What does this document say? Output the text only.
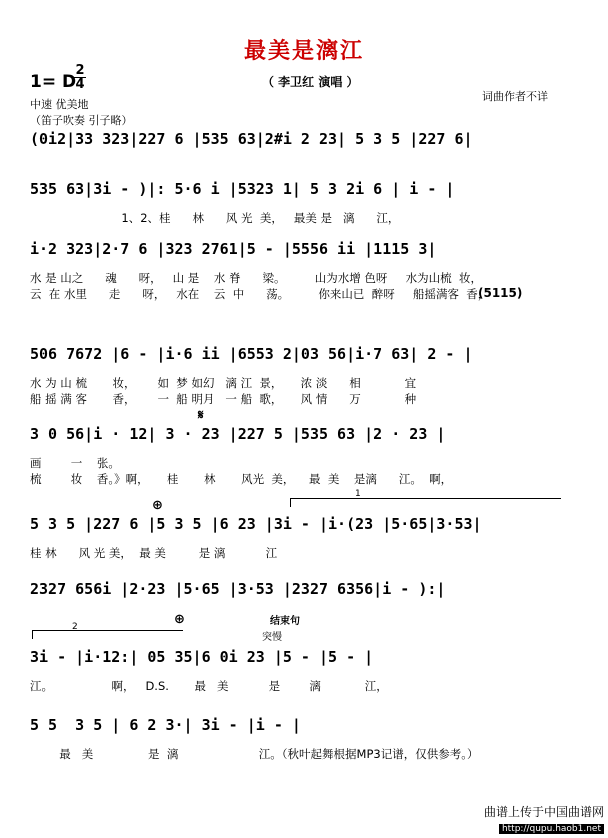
最美是漓江
1= D
2
4	（ 李卫红 演唱 ）
词曲作者不详
中速 优美地
（笛子吹奏 引子略）
(0i2|33 323|227 6 |535 63|2#i 2 23| 5 3 5 |227 6|
535 63|3i - )|: 5·6 i |5323 1| 5 3 2i 6 | i - |
1、2、桂      林      风 光  美，   最美 是   漓      江，
i·2 323|2·7 6 |323 2761|5 - |5556 ii |1115 3|
水 是 山之      魂      呀，   山 是    水 脊      梁。        山为水增 色呀     水为山梳  妆，
云  在 水里      走      呀，   水在    云  中      荡。        你来山已  醉呀     船摇满客  香，
(5115)
506 7672 |6 - |i·6 ii |6553 2|03 56|i·7 63| 2 - |
水 为 山 梳       妆，      如  梦 如幻   漓 江  景，     浓 淡      相            宜
船 摇 满 客       香，      一  船 明月   一 船  歌，     风 情      万            种
3 0 56|i · 12| 3 · 23 |227 5 |535 63 |2 · 23 |
画        一    张。
梳        妆    香。》啊，     桂       林       风光  美，    最  美    是漓      江。  啊，
5 3 5 |227 6 |5 3 5 |6 23 |3i - |i·(23 |5·65|3·53|
桂 林      风 光 美，  最 美         是 漓           江
2327 656i |2·23 |5·65 |3·53 |2327 6356|i - ):|
3i - |i·12:| 05 35|6 0i 23 |5 - |5 - |
江。                啊，   D.S.       最   美           是        漓            江，
5 5  3 5 | 6 2 3·| 3i - |i - |
最   美               是  漓                      江。（秋叶起舞根据MP3记谱，仅供参考。）
突慢
结束句
1
2
𝄋
⊕
⊕
曲谱上传于中国曲谱网
http://qupu.haob1.net
